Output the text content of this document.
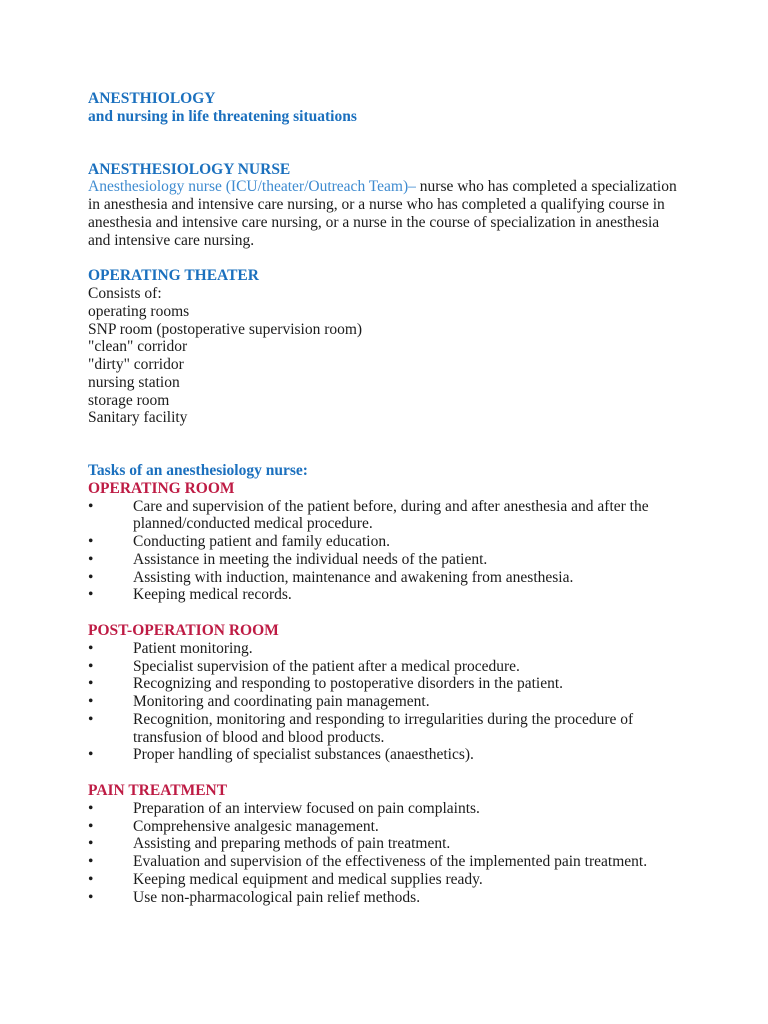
ANESTHIOLOGY
and nursing in life threatening situations
ANESTHESIOLOGY NURSE

Anesthesiology nurse (ICU/theater/Outreach Team)– nurse who has completed a specialization in anesthesia and intensive care nursing, or a nurse who has completed a qualifying course in anesthesia and intensive care nursing, or a nurse in the course of specialization in anesthesia and intensive care nursing.

OPERATING THEATER

Consists of:

operating rooms

SNP room (postoperative supervision room)

"clean" corridor

"dirty" corridor

nursing station

storage room

Sanitary facility

Tasks of an anesthesiology nurse:
OPERATING ROOM
•	Care and supervision of the patient before, during and after anesthesia and after the planned/conducted medical procedure.
•	Conducting patient and family education.
•	Assistance in meeting the individual needs of the patient.
•	Assisting with induction, maintenance and awakening from anesthesia.
•	Keeping medical records.
POST-OPERATION ROOM
•	Patient monitoring.
•	Specialist supervision of the patient after a medical procedure.
•	Recognizing and responding to postoperative disorders in the patient.
•	Monitoring and coordinating pain management.
•	Recognition, monitoring and responding to irregularities during the procedure of transfusion of blood and blood products.
•	Proper handling of specialist substances (anaesthetics).
PAIN TREATMENT
•	Preparation of an interview focused on pain complaints.
•	Comprehensive analgesic management.
•	Assisting and preparing methods of pain treatment.
•	Evaluation and supervision of the effectiveness of the implemented pain treatment.
•	Keeping medical equipment and medical supplies ready.
•	Use non-pharmacological pain relief methods.
